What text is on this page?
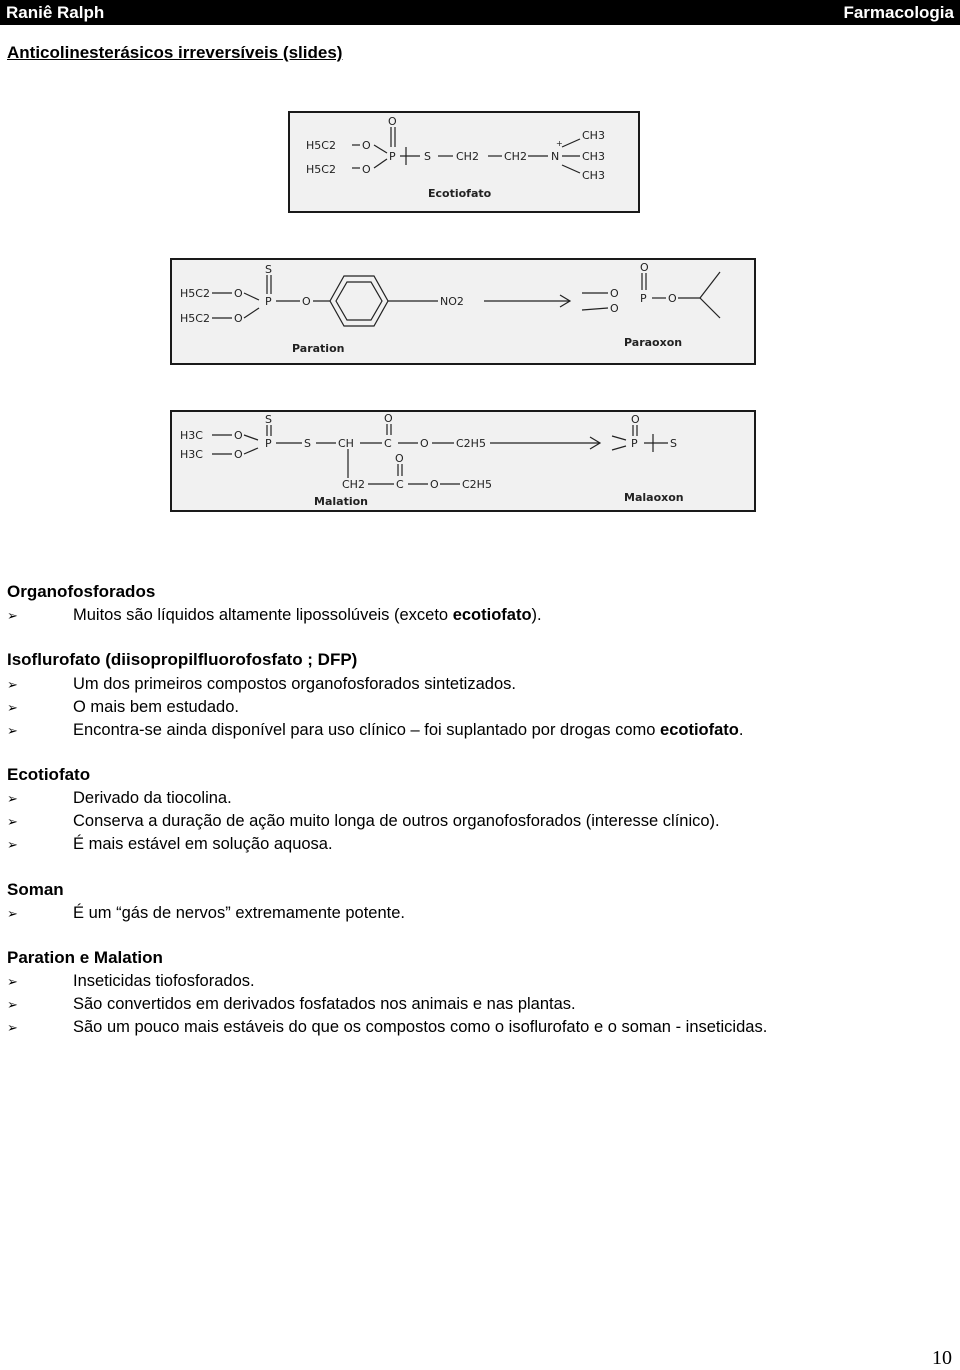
Raniê Ralph	Farmacologia
Anticolinesterásicos irreversíveis (slides)
H5C2
H5C2
O
O
O
P	S CH2 CH2 N
+
CH3
CH3
CH3
Ecotiofato
H5C2
H5C2
O
O
S
P	O	NO2
O
O
O
P O
Paration	Paraoxon
H3C
H3C
O
O
S
P	S CH
O
C	O C2H5
CH2
O
C O C2H5
O
P	S
Malation	Malaoxon
Organofosforados
➢	Muitos são líquidos altamente lipossolúveis (exceto ecotiofato).
Isoflurofato (diisopropilfluorofosfato ; DFP)
➢	Um dos primeiros compostos organofosforados sintetizados.
➢	O mais bem estudado.
➢	Encontra-se ainda disponível para uso clínico – foi suplantado por drogas como ecotiofato.
Ecotiofato
➢	Derivado da tiocolina.
➢	Conserva a duração de ação muito longa de outros organofosforados (interesse clínico).
➢	É mais estável em solução aquosa.
Soman
➢	É um “gás de nervos” extremamente potente.
Paration e Malation
➢	Inseticidas tiofosforados.
➢	São convertidos em derivados fosfatados nos animais e nas plantas.
➢	São um pouco mais estáveis do que os compostos como o isoflurofato e o soman - inseticidas.
10
